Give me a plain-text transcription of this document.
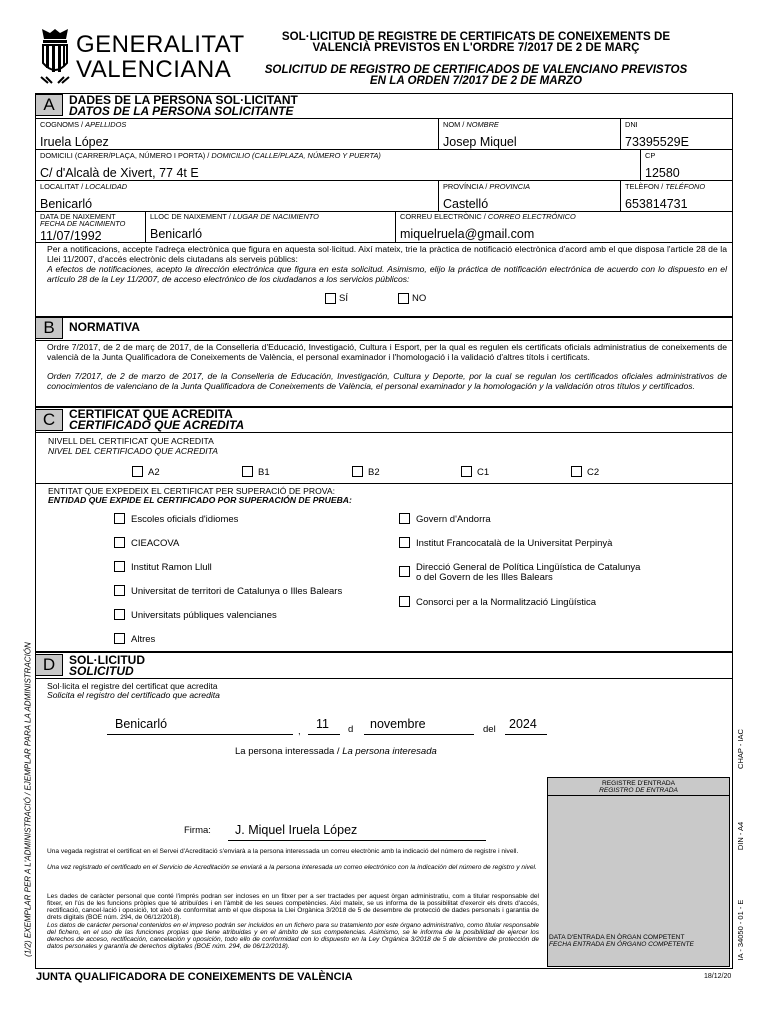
GENERALITAT
VALENCIANA
SOL·LICITUD DE REGISTRE DE CERTIFICATS DE CONEIXEMENTS DE
VALENCIÀ PREVISTOS EN L'ORDRE 7/2017 DE 2 DE MARÇ
SOLICITUD DE REGISTRO DE CERTIFICADOS DE VALENCIANO PREVISTOS
EN LA ORDEN 7/2017 DE 2 DE MARZO
A	DADES DE LA PERSONA SOL·LICITANT
DATOS DE LA PERSONA SOLICITANTE
COGNOMS / APELLIDOS
Iruela López
NOM / NOMBRE
Josep Miquel
DNI
73395529E
DOMICILI (CARRER/PLAÇA, NÚMERO I PORTA) / DOMICILIO (CALLE/PLAZA, NÚMERO Y PUERTA)
C/ d'Alcalà de Xivert, 77 4t E
CP
12580
LOCALITAT / LOCALIDAD
Benicarló
PROVÍNCIA / PROVINCIA
Castelló
TELÈFON / TELÉFONO
653814731
DATA DE NAIXEMENT
FECHA DE NACIMIENTO
11/07/1992
LLOC DE NAIXEMENT / LUGAR DE NACIMIENTO
Benicarló
CORREU ELECTRÒNIC / CORREO ELECTRÓNICO
miquelruela@gmail.com
Per a notificacions, accepte l'adreça electrònica que figura en aquesta sol·licitud. Així mateix, trie la pràctica de notificació electrònica d'acord amb el que disposa l'article 28 de la Llei 11/2007, d'accés electrònic dels ciutadans als serveis públics:
A efectos de notificaciones, acepto la dirección electrónica que figura en esta solicitud. Asimismo, elijo la práctica de notificación electrónica de acuerdo con lo dispuesto en el artículo 28 de la Ley 11/2007, de acceso electrónico de los ciudadanos a los servicios públicos:
SÍ	NO
B	NORMATIVA
Ordre 7/2017, de 2 de març de 2017, de la Conselleria d'Educació, Investigació, Cultura i Esport, per la qual es regulen els certificats oficials administratius de coneixements de valencià de la Junta Qualificadora de Coneixements de València, el personal examinador i l'homologació i la validació d'altres títols i certificats.
Orden 7/2017, de 2 de marzo de 2017, de la Conselleria de Educación, Investigación, Cultura y Deporte, por la cual se regulan los certificados oficiales administrativos de conocimientos de valenciano de la Junta Qualificadora de Coneixements de València, el personal examinador y la homologación y la validación otros títulos y certificados.
C	CERTIFICAT QUE ACREDITA
CERTIFICADO QUE ACREDITA
NIVELL DEL CERTIFICAT QUE ACREDITA
NIVEL DEL CERTIFICADO QUE ACREDITA
A2	B1	B2	C1	C2
ENTITAT QUE EXPEDEIX EL CERTIFICAT PER SUPERACIÓ DE PROVA:
ENTIDAD QUE EXPIDE EL CERTIFICADO POR SUPERACIÓN DE PRUEBA:
Escoles oficials d'idiomes
CIEACOVA
Institut Ramon Llull
Universitat de territori de Catalunya o Illes Balears
Universitats públiques valencianes
Altres
Govern d'Andorra
Institut Francocatalà de la Universitat Perpinyà
Direcció General de Política Lingüística de Catalunya
o del Govern de les Illes Balears
Consorci per a la Normalització Lingüística
D	SOL·LICITUD
SOLICITUD
Sol·licita el registre del certificat que acredita
Solicita el registro del certificado que acredita
Benicarló
,
11 d novembre	del 2024
La persona interessada / La persona interesada
Firma: J. Miquel Iruela López
Una vegada registrat el certificat en el Servei d'Acreditació s'enviarà a la persona interessada un correu electrònic amb la indicació del número de registre i nivell.
Una vez registrado el certificado en el Servicio de Acreditación se enviará a la persona interesada un correo electrónico con la indicación del número de registro y nivel.
Les dades de caràcter personal que conté l'imprés podran ser incloses en un fitxer per a ser tractades per aquest òrgan administratiu, com a titular responsable del fitxer, en l'ús de les funcions pròpies que té atribuïdes i en l'àmbit de les seues competències. Així mateix, se us informa de la possibilitat d'exercir els drets d'accés, rectificació, cancel·lació i oposició, tot això de conformitat amb el que disposa la Llei Orgànica 3/2018 de 5 de desembre de protecció de dades personals i garantia de drets digitals (BOE núm. 294, de 06/12/2018).
Los datos de carácter personal contenidos en el impreso podrán ser incluidos en un fichero para su tratamiento por este órgano administrativo, como titular responsable del fichero, en el uso de las funciones propias que tiene atribuidas y en el ámbito de sus competencias. Asimismo, se le informa de la posibilidad de ejercer los derechos de acceso, rectificación, cancelación y oposición, todo ello de conformidad con lo dispuesto en la Ley Orgánica 3/2018 de 5 de diciembre de protección de datos personales y garantía de derechos digitales (BOE núm. 294, de 06/12/2018).
REGISTRE D'ENTRADA
REGISTRO DE ENTRADA
DATA D'ENTRADA EN ÒRGAN COMPETENT
FECHA ENTRADA EN ÓRGANO COMPETENTE
JUNTA QUALIFICADORA DE CONEIXEMENTS DE VALÈNCIA	18/12/20
(1/2) EXEMPLAR PER A L'ADMINISTRACIÓ / EJEMPLAR PARA LA ADMINISTRACIÓN	CHAP - IAC
DIN - A4
IA - 34050 - 01 - E
